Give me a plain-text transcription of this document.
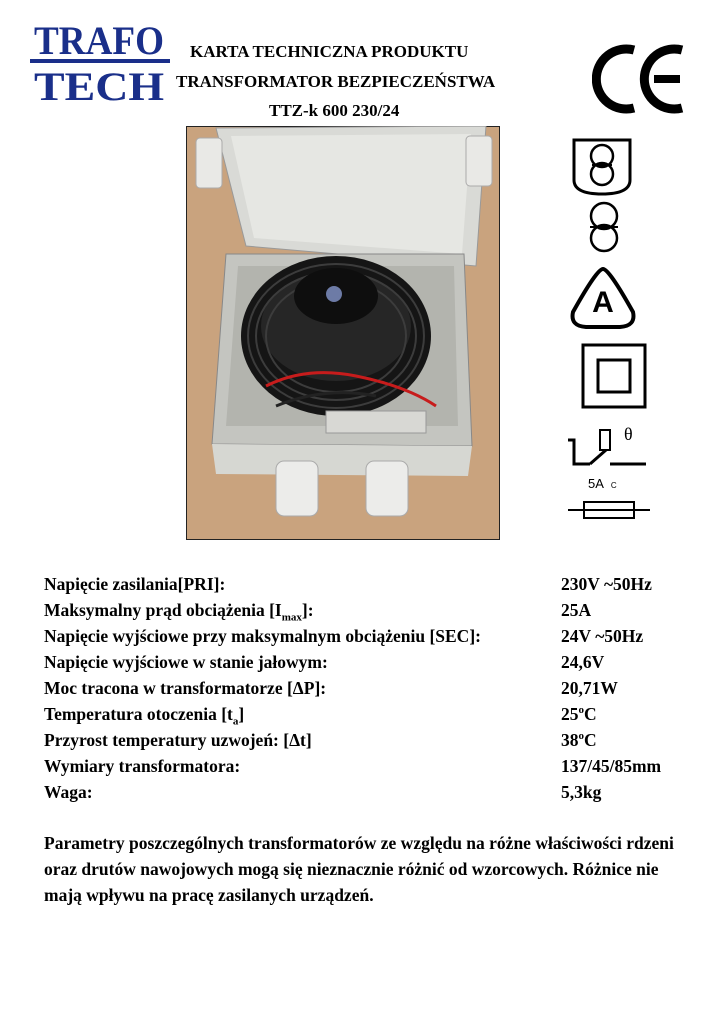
TRAFO
TECH
KARTA TECHNICZNA PRODUKTU
TRANSFORMATOR BEZPIECZEŃSTWA
TTZ-k 600 230/24
A
θ
5A C
Napięcie zasilania[PRI]:	230V ~50Hz
Maksymalny prąd obciążenia $[I_{max}]$:	25A
Napięcie wyjściowe przy maksymalnym obciążeniu [SEC]:	24V ~50Hz
Napięcie wyjściowe w stanie jałowym:	24,6V
Moc tracona w transformatorze [ΔP]:	20,71W
Temperatura otoczenia $[t_a]$	25$^o$C
Przyrost temperatury uzwojeń: [Δt]	38$^o$C
Wymiary transformatora:	137/45/85mm
Waga:	5,3kg
Parametry poszczególnych transformatorów ze względu na różne właściwości rdzeni oraz drutów nawojowych mogą się nieznacznie różnić od wzorcowych. Różnice nie mają wpływu na pracę zasilanych urządzeń.
